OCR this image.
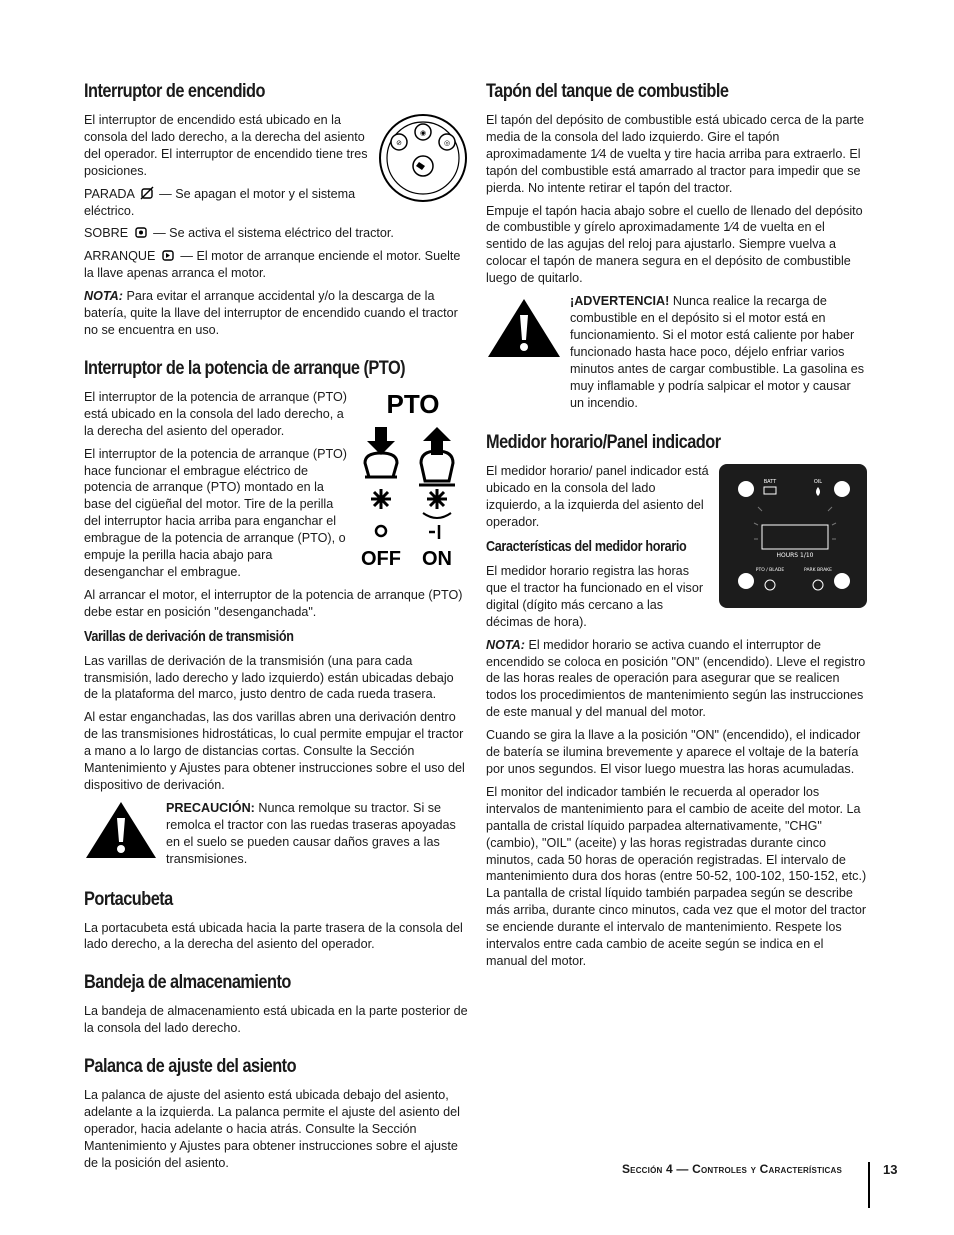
Interruptor de encendido
⊘
◉
◎

El interruptor de encendido está ubicado en la consola del lado derecho, a la derecha del asiento del operador. El interruptor de encendido tiene tres posiciones.

PARADA — Se apagan el motor y el sistema eléctrico.

SOBRE — Se activa el sistema eléctrico del tractor.

ARRANQUE — El motor de arranque enciende el motor. Suelte la llave apenas arranca el motor.

NOTA: Para evitar el arranque accidental y/o la descarga de la batería, quite la llave del interruptor de encendido cuando el tractor no se encuentra en uso.

Interruptor de la potencia de arranque (PTO)
PTO
OFF ON

El interruptor de la potencia de arranque (PTO) está ubicado en la consola del lado derecho, a la derecha del asiento del operador.

El interruptor de la potencia de arranque (PTO) hace funcionar el embrague eléctrico de potencia de arranque (PTO) montado en la base del cigüeñal del motor. Tire de la perilla del interruptor hacia arriba para enganchar el embrague de la potencia de arranque (PTO), o empuje la perilla hacia abajo para desenganchar el embrague.

Al arrancar el motor, el interruptor de la potencia de arranque (PTO) debe estar en posición "desenganchada".

Varillas de derivación de transmisión

Las varillas de derivación de la transmisión (una para cada transmisión, lado derecho y lado izquierdo) están ubicadas debajo de la plataforma del marco, justo dentro de cada rueda trasera.

Al estar enganchadas, las dos varillas abren una derivación dentro de las transmisiones hidrostáticas, lo cual permite empujar el tractor a mano a lo largo de distancias cortas. Consulte la Sección Mantenimiento y Ajustes para obtener instrucciones sobre el uso del dispositivo de derivación.

PRECAUCIÓN: Nunca remolque su tractor. Si se remolca el tractor con las ruedas traseras apoyadas en el suelo se pueden causar daños graves a las transmisiones.

Portacubeta

La portacubeta está ubicada hacia la parte trasera de la consola del lado derecho, a la derecha del asiento del operador.

Bandeja de almacenamiento

La bandeja de almacenamiento está ubicada en la parte posterior de la consola del lado derecho.

Palanca de ajuste del asiento

La palanca de ajuste del asiento está ubicada debajo del asiento, adelante a la izquierda. La palanca permite el ajuste del asiento del operador, hacia adelante o hacia atrás. Consulte la Sección Mantenimiento y Ajustes para obtener instrucciones sobre el ajuste de la posición del asiento.

Tapón del tanque de combustible

El tapón del depósito de combustible está ubicado cerca de la parte media de la consola del lado izquierdo. Gire el tapón aproximadamente 1⁄4 de vuelta y tire hacia arriba para extraerlo. El tapón del combustible está amarrado al tractor para impedir que se pierda. No intente retirar el tapón del tractor.

Empuje el tapón hacia abajo sobre el cuello de llenado del depósito de combustible y gírelo aproximadamente 1⁄4 de vuelta en el sentido de las agujas del reloj para ajustarlo. Siempre vuelva a colocar el tapón de manera segura en el depósito de combustible luego de quitarlo.

¡ADVERTENCIA! Nunca realice la recarga de combustible en el depósito si el motor está en funcionamiento. Si el motor está caliente por haber funcionado hasta hace poco, déjelo enfriar varios minutos antes de cargar combustible. La gasolina es muy inflamable y podría salpicar el motor y causar un incendio.

Medidor horario/Panel indicador
BATT	OIL
HOURS 1/10
PTO / BLADE	PARK BRAKE

El medidor horario/ panel indicador está ubicado en la consola del lado izquierdo, a la izquierda del asiento del operador.

Características del medidor horario

El medidor horario registra las horas que el tractor ha funcionado en el visor digital (dígito más cercano a las décimas de hora).

NOTA: El medidor horario se activa cuando el interruptor de encendido se coloca en posición "ON" (encendido). Lleve el registro de las horas reales de operación para asegurar que se realicen todos los procedimientos de mantenimiento según las instrucciones de este manual y del manual del motor.

Cuando se gira la llave a la posición "ON" (encendido), el indicador de batería se ilumina brevemente y aparece el voltaje de la batería por unos segundos. El visor luego muestra las horas acumuladas.

El monitor del indicador también le recuerda al operador los intervalos de mantenimiento para el cambio de aceite del motor. La pantalla de cristal líquido parpadea alternativamente, "CHG" (cambio), "OIL" (aceite) y las horas registradas durante cinco minutos, cada 50 horas de operación registradas. El intervalo de mantenimiento dura dos horas (entre 50-52, 100-102, 150-152, etc.) La pantalla de cristal líquido también parpadea según se describe más arriba, durante cinco minutos, cada vez que el motor del tractor se enciende durante el intervalo de mantenimiento. Respete los intervalos entre cada cambio de aceite según se indica en el manual del motor.

Sección 4 — Controles y Características	13
